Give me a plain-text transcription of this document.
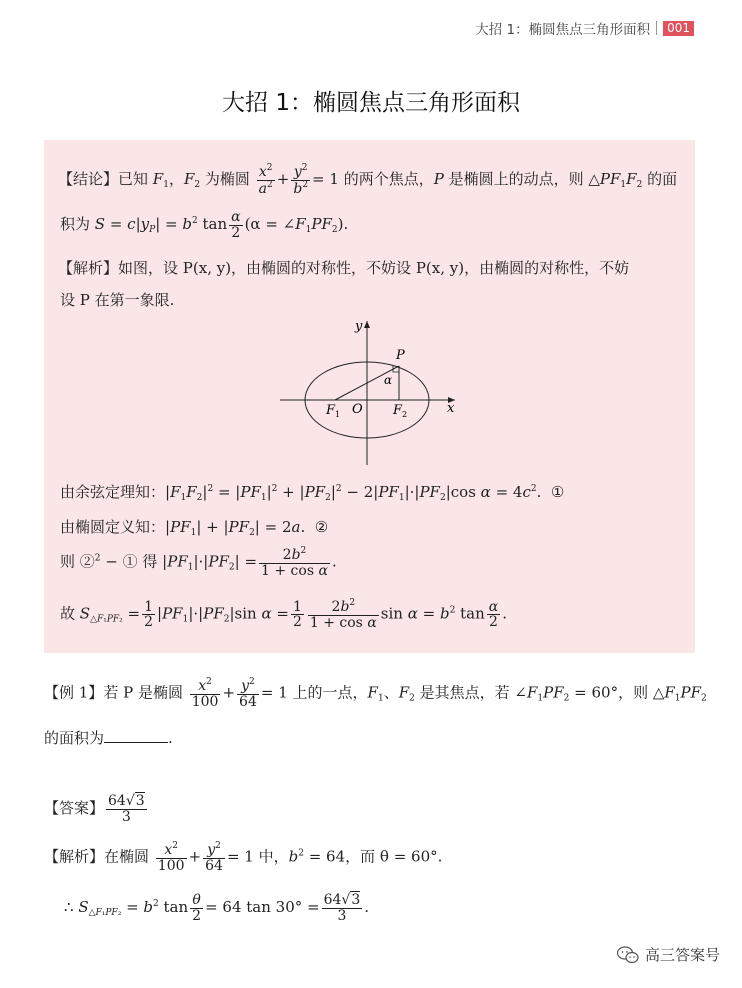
大招 1：椭圆焦点三角形面积	001
大招 1：椭圆焦点三角形面积
【结论】已知 $F_1$，$F_2$ 为椭圆 $\frac{x^2}{a^2} + \frac{y^2}{b^2} = 1$ 的两个焦点，P 是椭圆上的动点，则 $\triangle PF_1F_2$ 的面
积为 $S = c|y_P| = b^2$ $\tan \frac{\alpha}{2} (\alpha$ = $\angle F_1PF_2$).
【解析】如图，设 P(x, y)，由椭圆的对称性，不妨设 P(x, y)，由椭圆的对称性，不妨
设 P 在第一象限.
y
x
P
α
$F_1$ O $F_2$
由余弦定理知：$|F_1F_2|^2 = |PF_1|^2 + |PF_2|^2 - 2|PF_1|\cdot|PF_2|\cos$ $\alpha = 4c^2$.  ①
由椭圆定义知：$|PF_1| + |PF_2| = 2a$.  ②
则 ②$^2$ − ① 得 $|PF_1|\cdot|PF_2| = \frac{2b^2}{\text{1 + cos α}}$ .
故 $S_{\triangle F_1PF_2} = \frac{1}{2} |PF_1|\cdot|PF_2|\sin$ $\alpha = \frac{1}{2} \frac{2b^2}{\text{1 + cos α}}$ $\sin \alpha = b^2$ $\tan \frac{\alpha}{2}$ .
【例 1】若 P 是椭圆 $\frac{x^2}{100} + \frac{y^2}{64} = 1$ 上的一点，$F_1$、$F_2$ 是其焦点，若 $\angle F_1PF_2 = 60^\circ$，则 $\triangle F_1PF_2$
的面积为	.
【答案】 $\frac{64√3}{3}$
【解析】在椭圆 $\frac{x^2}{100} + \frac{y^2}{64} = 1$ 中，$b^2 = 64$，而 θ = 60°.
∴ $S_{\triangle F_1PF_2} = b^2$ $\tan \frac{\theta}{2} = 64$ $\tan 30^\circ = \frac{64√3}{3}$ .
高三答案号
